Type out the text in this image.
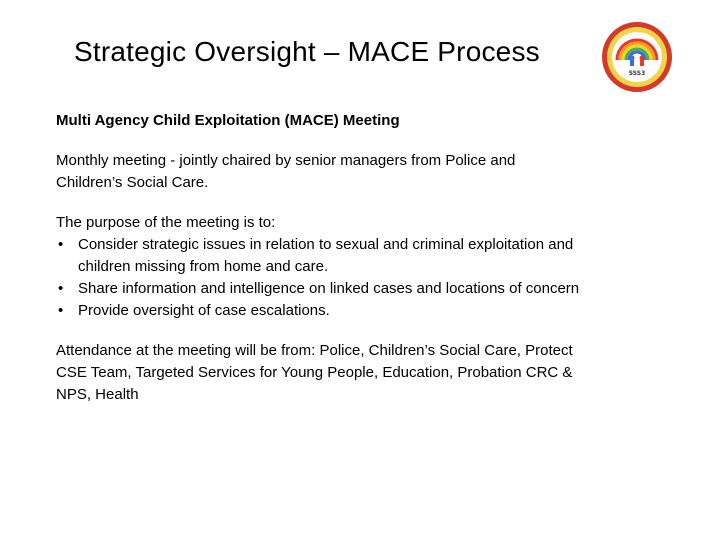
Strategic Oversight – MACE Process
SSS3
Multi Agency Child Exploitation (MACE) Meeting
Monthly meeting - jointly chaired by senior managers from Police and
Children’s Social Care.
The purpose of the meeting is to:
• Consider strategic issues in relation to sexual and criminal exploitation and
children missing from home and care.
• Share information and intelligence on linked cases and locations of concern
• Provide oversight of case escalations.
Attendance at the meeting will be from: Police, Children’s Social Care, Protect
CSE Team, Targeted Services for Young People, Education, Probation CRC &
NPS, Health
